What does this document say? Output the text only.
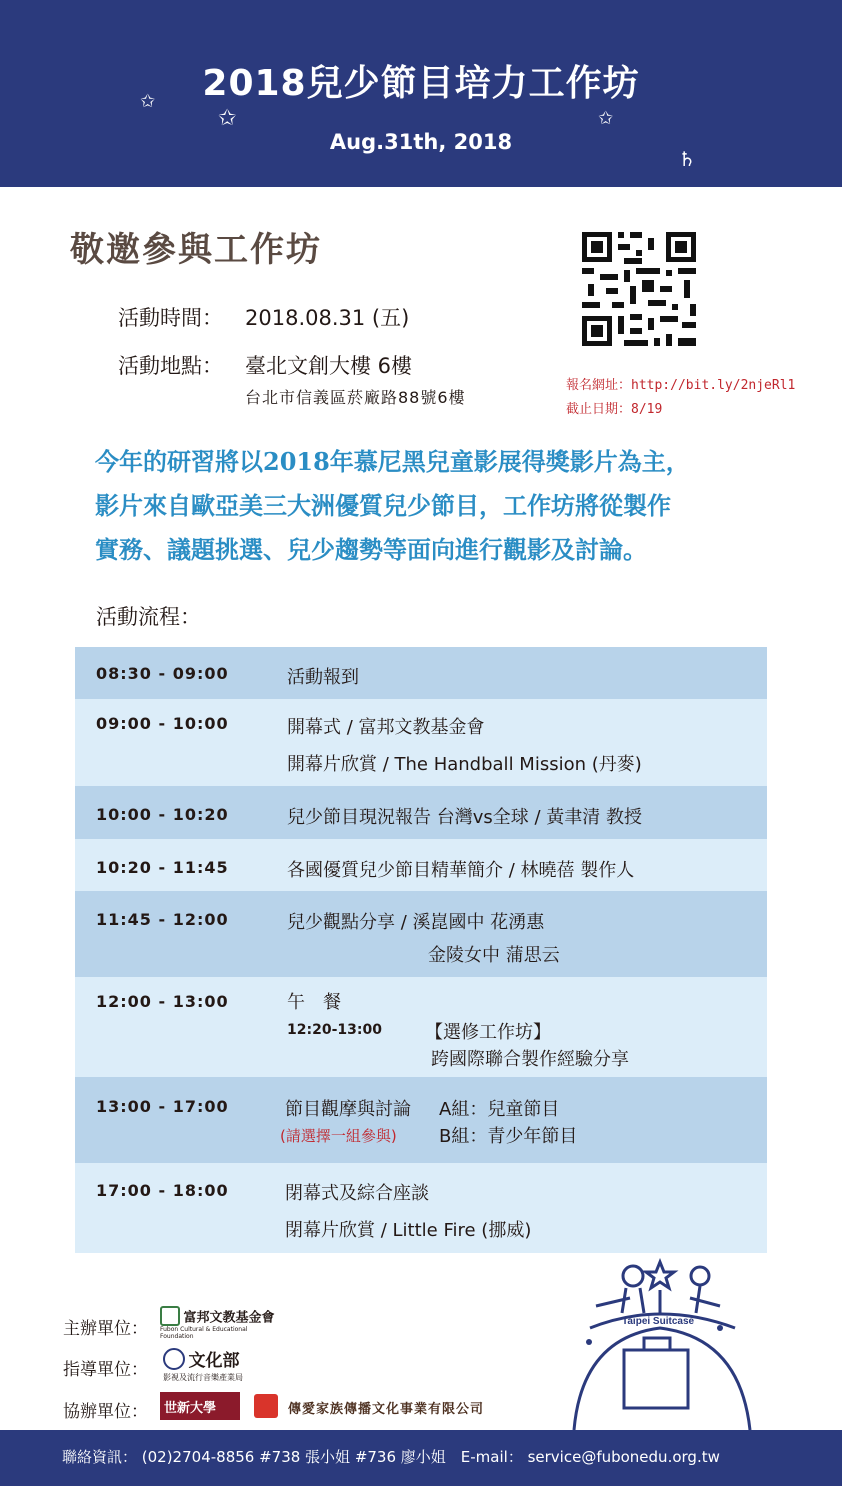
2018兒少節目培力工作坊
Aug.31th, 2018
✩
✩	✩
♄
敬邀參與工作坊
活動時間： 2018.08.31 (五)
活動地點： 臺北文創大樓 6樓
台北市信義區菸廠路88號6樓
報名網址：http://bit.ly/2njeRl1
截止日期：8/19
今年的研習將以2018年慕尼黑兒童影展得獎影片為主，
影片來自歐亞美三大洲優質兒少節目，工作坊將從製作
實務、議題挑選、兒少趨勢等面向進行觀影及討論。
活動流程：
08:30 - 09:00	活動報到
09:00 - 10:00	開幕式 / 富邦文教基金會
開幕片欣賞 / The Handball Mission (丹麥)
10:00 - 10:20	兒少節目現況報告 台灣vs全球 / 黃聿清 教授
10:20 - 11:45	各國優質兒少節目精華簡介 / 林曉蓓 製作人
11:45 - 12:00	兒少觀點分享 / 溪崑國中 花湧惠
金陵女中 蒲思云
12:00 - 13:00	午　餐
12:20-13:00 【選修工作坊】
跨國際聯合製作經驗分享
13:00 - 17:00	節目觀摩與討論 A組：兒童節目
(請選擇一組參與) B組：青少年節目
17:00 - 18:00	閉幕式及綜合座談
閉幕片欣賞 / Little Fire (挪威)
主辦單位：
富邦文教基金會 Fubon Cultural & Educational Foundation
指導單位：	文化部
影視及流行音樂產業局
協辦單位：	世新大學	傳愛家族傳播文化事業有限公司
Taipei Suitcase
聯絡資訊： (02)2704-8856 #738 張小姐 #736 廖小姐　E-mail： service@fubonedu.org.tw
